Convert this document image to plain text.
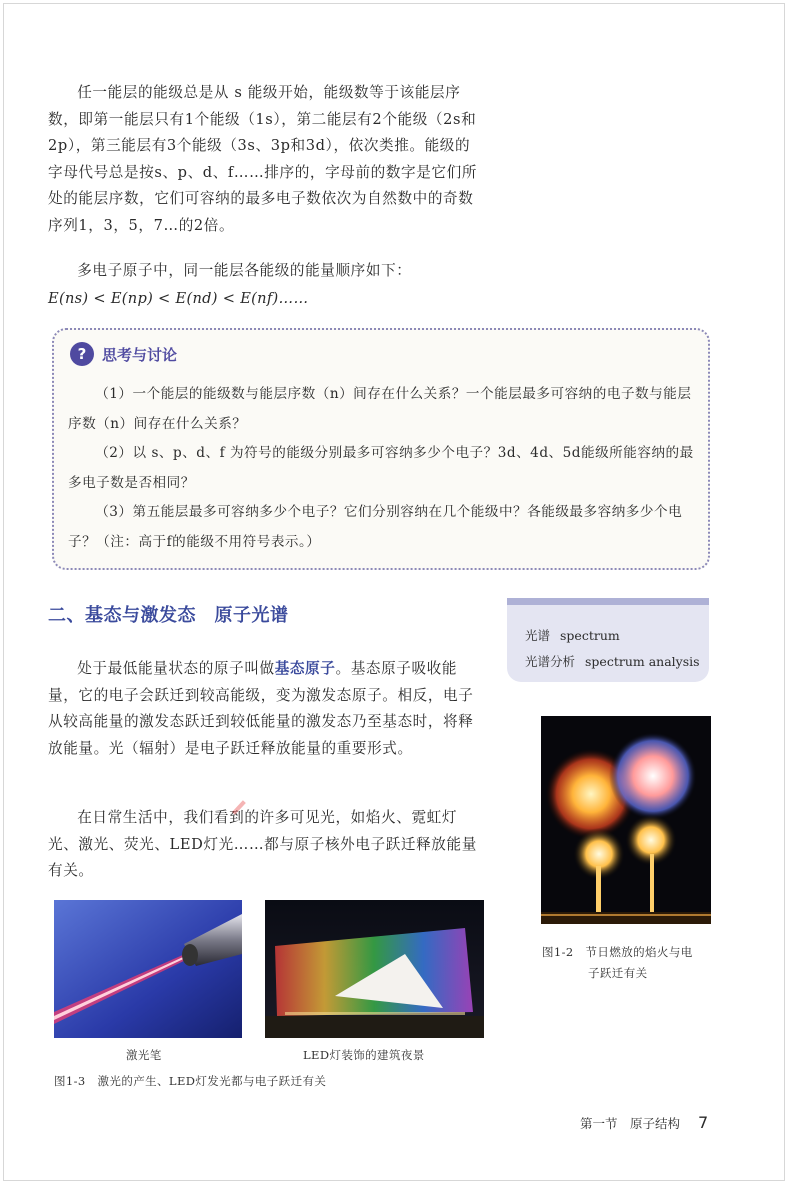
任一能层的能级总是从 s 能级开始，能级数等于该能层序数，即第一能层只有1个能级（1s），第二能层有2个能级（2s和2p），第三能层有3个能级（3s、3p和3d），依次类推。能级的字母代号总是按s、p、d、f……排序的，字母前的数字是它们所处的能层序数，它们可容纳的最多电子数依次为自然数中的奇数序列1，3，5，7…的2倍。

多电子原子中，同一能层各能级的能量顺序如下：

E(ns) < E(np) < E(nd) < E(nf)……
?	思考与讨论

（1）一个能层的能级数与能层序数（n）间存在什么关系？一个能层最多可容纳的电子数与能层序数（n）间存在什么关系？

（2）以 s、p、d、f 为符号的能级分别最多可容纳多少个电子？3d、4d、5d能级所能容纳的最多电子数是否相同？

（3）第五能层最多可容纳多少个电子？它们分别容纳在几个能级中？各能级最多容纳多少个电子？（注：高于f的能级不用符号表示。）

二、基态与激发态　原子光谱
光谱 spectrum
光谱分析 spectrum analysis

处于最低能量状态的原子叫做基态原子。基态原子吸收能量，它的电子会跃迁到较高能级，变为激发态原子。相反，电子从较高能量的激发态跃迁到较低能量的激发态乃至基态时，将释放能量。光（辐射）是电子跃迁释放能量的重要形式。

在日常生活中，我们看到的许多可见光，如焰火、霓虹灯光、激光、荧光、LED灯光……都与原子核外电子跃迁释放能量有关。

图1-2　节日燃放的焰火与电
子跃迁有关
激光笔	LED灯装饰的建筑夜景
图1-3　激光的产生、LED灯发光都与电子跃迁有关
第一节　原子结构 7
